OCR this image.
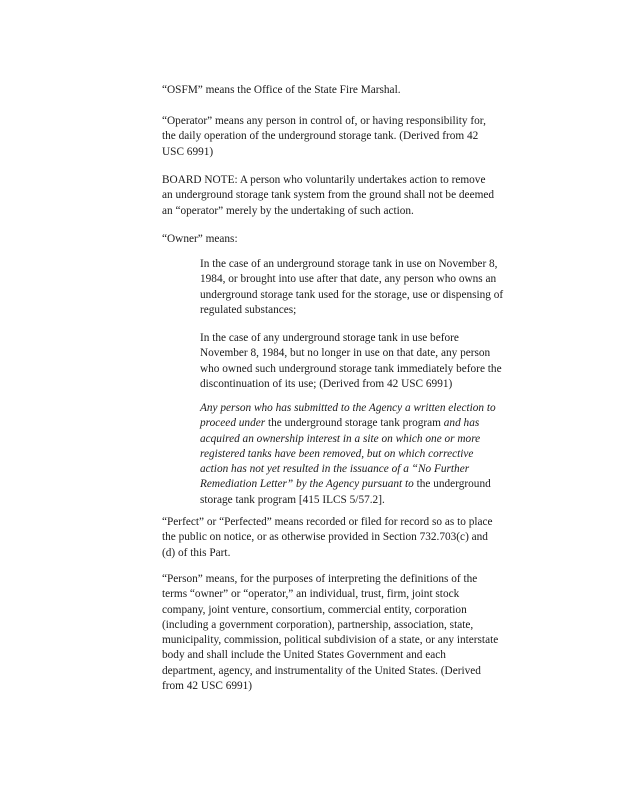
“OSFM” means the Office of the State Fire Marshal.
“Operator” means any person in control of, or having responsibility for,
the daily operation of the underground storage tank. (Derived from 42
USC 6991)
BOARD NOTE: A person who voluntarily undertakes action to remove
an underground storage tank system from the ground shall not be deemed
an “operator” merely by the undertaking of such action.
“Owner” means:
In the case of an underground storage tank in use on November 8,
1984, or brought into use after that date, any person who owns an
underground storage tank used for the storage, use or dispensing of
regulated substances;
In the case of any underground storage tank in use before
November 8, 1984, but no longer in use on that date, any person
who owned such underground storage tank immediately before the
discontinuation of its use; (Derived from 42 USC 6991)
Any person who has submitted to the Agency a written election to
proceed under the underground storage tank program and has
acquired an ownership interest in a site on which one or more
registered tanks have been removed, but on which corrective
action has not yet resulted in the issuance of a “No Further
Remediation Letter” by the Agency pursuant to the underground
storage tank program [415 ILCS 5/57.2].
“Perfect” or “Perfected” means recorded or filed for record so as to place
the public on notice, or as otherwise provided in Section 732.703(c) and
(d) of this Part.
“Person” means, for the purposes of interpreting the definitions of the
terms “owner” or “operator,” an individual, trust, firm, joint stock
company, joint venture, consortium, commercial entity, corporation
(including a government corporation), partnership, association, state,
municipality, commission, political subdivision of a state, or any interstate
body and shall include the United States Government and each
department, agency, and instrumentality of the United States. (Derived
from 42 USC 6991)
